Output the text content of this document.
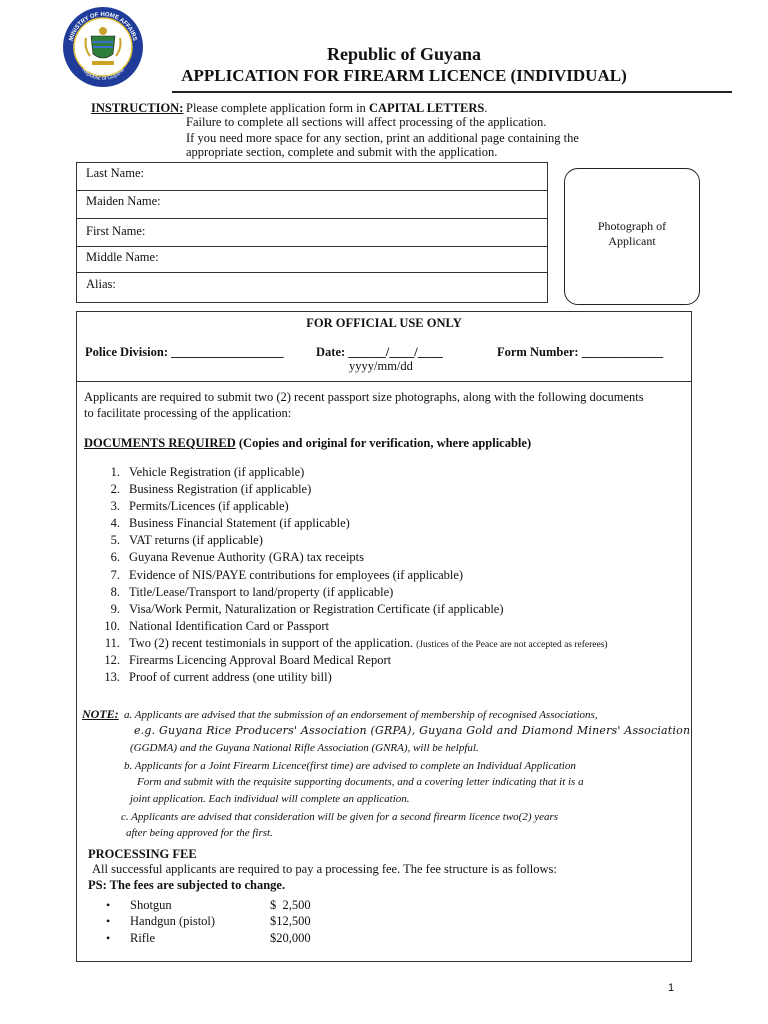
MINISTRY OF HOME AFFAIRS
Republic of Guyana
Republic of Guyana
APPLICATION FOR FIREARM LICENCE (INDIVIDUAL)
INSTRUCTION: Please complete application form in CAPITAL LETTERS.
Failure to complete all sections will affect processing of the application.
If you need more space for any section, print an additional page containing the
appropriate section, complete and submit with the application.
Last Name:
Maiden Name:
First Name:
Middle Name:
Alias:
Photograph of
Applicant
FOR OFFICIAL USE ONLY
Police Division: __________________	Date: ______/____/____
yyyy/mm/dd
Form Number: _____________
Applicants are required to submit two (2) recent passport size photographs, along with the following documents
to facilitate processing of the application:
DOCUMENTS REQUIRED (Copies and original for verification, where applicable)
1. Vehicle Registration (if applicable)
2. Business Registration (if applicable)
3. Permits/Licences (if applicable)
4. Business Financial Statement (if applicable)
5. VAT returns (if applicable)
6. Guyana Revenue Authority (GRA) tax receipts
7. Evidence of NIS/PAYE contributions for employees (if applicable)
8. Title/Lease/Transport to land/property (if applicable)
9. Visa/Work Permit, Naturalization or Registration Certificate (if applicable)
10. National Identification Card or Passport
11. Two (2) recent testimonials in support of the application. (Justices of the Peace are not accepted as referees)
12. Firearms Licencing Approval Board Medical Report
13. Proof of current address (one utility bill)
NOTE: a. Applicants are advised that the submission of an endorsement of membership of recognised Associations,
e.g. Guyana Rice Producers' Association (GRPA), Guyana Gold and Diamond Miners' Association
(GGDMA) and the Guyana National Rifle Association (GNRA), will be helpful.
b. Applicants for a Joint Firearm Licence(first time) are advised to complete an Individual Application
Form and submit with the requisite supporting documents, and a covering letter indicating that it is a
joint application. Each individual will complete an application.
c. Applicants are advised that consideration will be given for a second firearm licence two(2) years
after being approved for the first.
PROCESSING FEE
All successful applicants are required to pay a processing fee. The fee structure is as follows:
PS: The fees are subjected to change.
• Shotgun	$  2,500
• Handgun (pistol)	$12,500
• Rifle	$20,000
1
